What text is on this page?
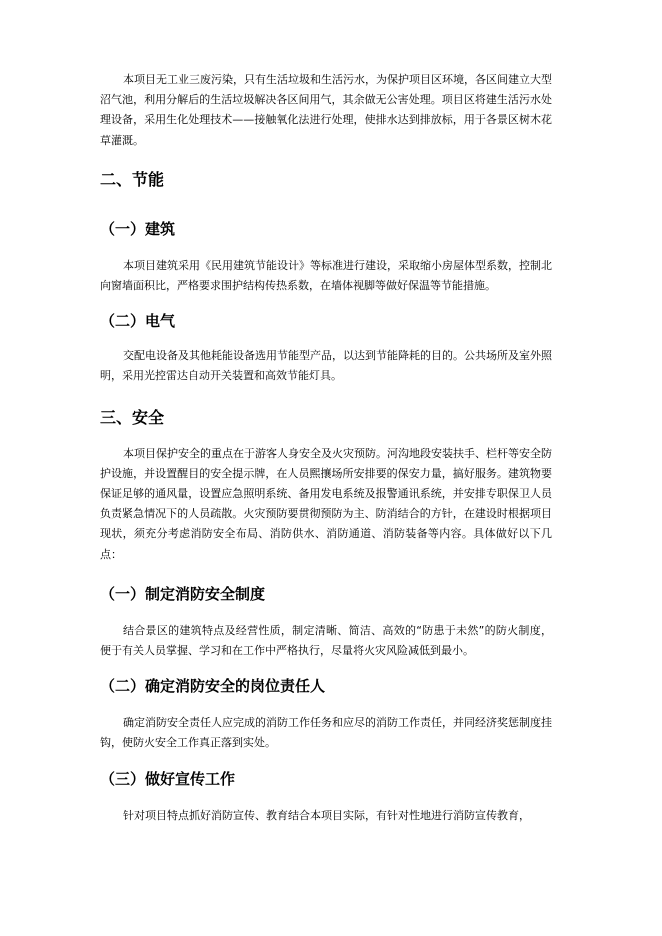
本项目无工业三废污染，只有生活垃圾和生活污水，为保护项目区环境，各区间建立大型沼气池，利用分解后的生活垃圾解决各区间用气，其余做无公害处理。项目区将建生活污水处理设备，采用生化处理技术——接触氧化法进行处理，使排水达到排放标，用于各景区树木花草灌溉。

二、节能
（一）建筑

本项目建筑采用《民用建筑节能设计》等标准进行建设，采取缩小房屋体型系数，控制北向窗墙面积比，严格要求围护结构传热系数，在墙体视脚等做好保温等节能措施。

（二）电气

交配电设备及其他耗能设备选用节能型产品，以达到节能降耗的目的。公共场所及室外照明，采用光控雷达自动开关装置和高效节能灯具。

三、安全

本项目保护安全的重点在于游客人身安全及火灾预防。河沟地段安装扶手、栏杆等安全防护设施，并设置醒目的安全提示牌，在人员熙攘场所安排要的保安力量，搞好服务。建筑物要保证足够的通风量，设置应急照明系统、备用发电系统及报警通讯系统，并安排专职保卫人员负责紧急情况下的人员疏散。火灾预防要贯彻预防为主、防消结合的方针，在建设时根据项目现状，须充分考虑消防安全布局、消防供水、消防通道、消防装备等内容。具体做好以下几点：

（一）制定消防安全制度

结合景区的建筑特点及经营性质，制定清晰、简洁、高效的“防患于未然”的防火制度，便于有关人员掌握、学习和在工作中严格执行，尽量将火灾风险减低到最小。

（二）确定消防安全的岗位责任人

确定消防安全责任人应完成的消防工作任务和应尽的消防工作责任，并同经济奖惩制度挂钩，使防火安全工作真正落到实处。

（三）做好宣传工作

针对项目特点抓好消防宣传、教育结合本项目实际，有针对性地进行消防宣传教育，
